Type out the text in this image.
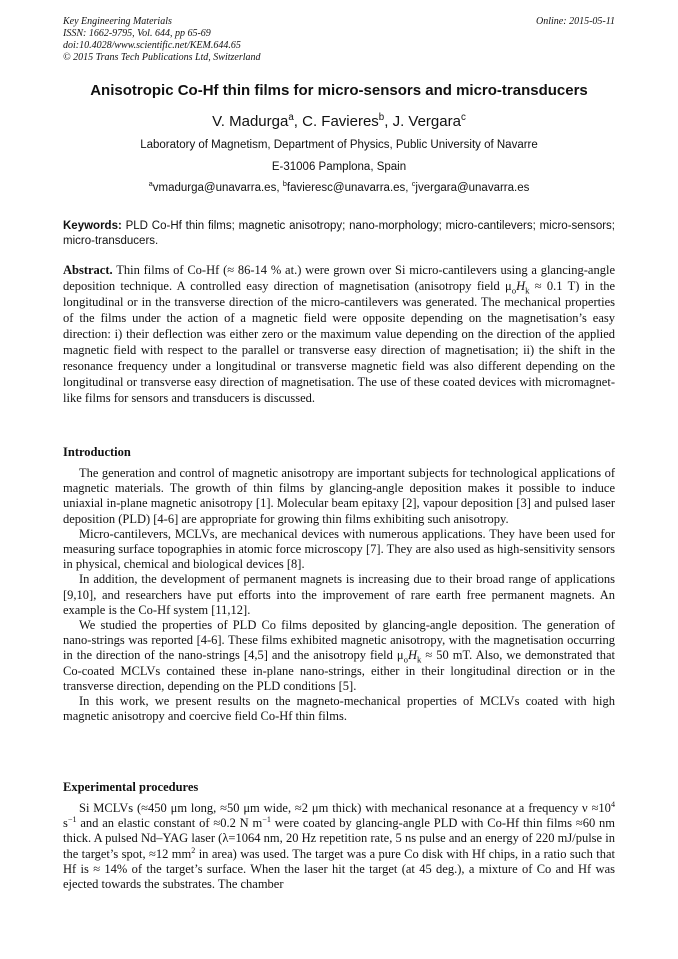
Key Engineering Materials
ISSN: 1662-9795, Vol. 644, pp 65-69
doi:10.4028/www.scientific.net/KEM.644.65
© 2015 Trans Tech Publications Ltd, Switzerland
Online: 2015-05-11
Anisotropic Co-Hf thin films for micro-sensors and micro-transducers
V. Madurga$^a$, C. Favieres$^b$, J. Vergara$^c$
Laboratory of Magnetism, Department of Physics, Public University of Navarre
E-31006 Pamplona, Spain
$^a$vmadurga@unavarra.es, $^b$favieresc@unavarra.es, $^c$jvergara@unavarra.es
Keywords: PLD Co-Hf thin films; magnetic anisotropy; nano-morphology; micro-cantilevers; micro-sensors; micro-transducers.
Abstract. Thin films of Co-Hf (≈ 86-14 % at.) were grown over Si micro-cantilevers using a glancing-angle deposition technique. A controlled easy direction of magnetisation (anisotropy field $\mu_oH_k \approx 0.1$ T) in the longitudinal or in the transverse direction of the micro-cantilevers was generated. The mechanical properties of the films under the action of a magnetic field were opposite depending on the magnetisation’s easy direction: i) their deflection was either zero or the maximum value depending on the direction of the applied magnetic field with respect to the parallel or transverse easy direction of magnetisation; ii) the shift in the resonance frequency under a longitudinal or transverse magnetic field was also different depending on the longitudinal or transverse easy direction of magnetisation. The use of these coated devices with micromagnet-like films for sensors and transducers is discussed.
Introduction

The generation and control of magnetic anisotropy are important subjects for technological applications of magnetic materials. The growth of thin films by glancing-angle deposition makes it possible to induce uniaxial in-plane magnetic anisotropy [1]. Molecular beam epitaxy [2], vapour deposition [3] and pulsed laser deposition (PLD) [4-6] are appropriate for growing thin films exhibiting such anisotropy.

Micro-cantilevers, MCLVs, are mechanical devices with numerous applications. They have been used for measuring surface topographies in atomic force microscopy [7]. They are also used as high-sensitivity sensors in physical, chemical and biological devices [8].

In addition, the development of permanent magnets is increasing due to their broad range of applications [9,10], and researchers have put efforts into the improvement of rare earth free permanent magnets. An example is the Co-Hf system [11,12].

We studied the properties of PLD Co films deposited by glancing-angle deposition. The generation of nano-strings was reported [4-6]. These films exhibited magnetic anisotropy, with the magnetisation occurring in the direction of the nano-strings [4,5] and the anisotropy field $\mu_oH_k \approx 50$ mT. Also, we demonstrated that Co-coated MCLVs contained these in-plane nano-strings, either in their longitudinal direction or in the transverse direction, depending on the PLD conditions [5].

In this work, we present results on the magneto-mechanical properties of MCLVs coated with high magnetic anisotropy and coercive field Co-Hf thin films.

Experimental procedures

Si MCLVs (≈450 μm long, ≈50 μm wide, ≈2 μm thick) with mechanical resonance at a frequency $\nu \approx 10^4$ $s^{-1}$ and an elastic constant of ≈0.2 N $m^{-1}$ were coated by glancing-angle PLD with Co-Hf thin films ≈60 nm thick. A pulsed Nd–YAG laser (λ=1064 nm, 20 Hz repetition rate, 5 ns pulse and an energy of 220 mJ/pulse in the target’s spot, ≈12 $mm^2$ in area) was used. The target was a pure Co disk with Hf chips, in a ratio such that Hf is ≈ 14% of the target’s surface. When the laser hit the target (at 45 deg.), a mixture of Co and Hf was ejected towards the substrates. The chamber
